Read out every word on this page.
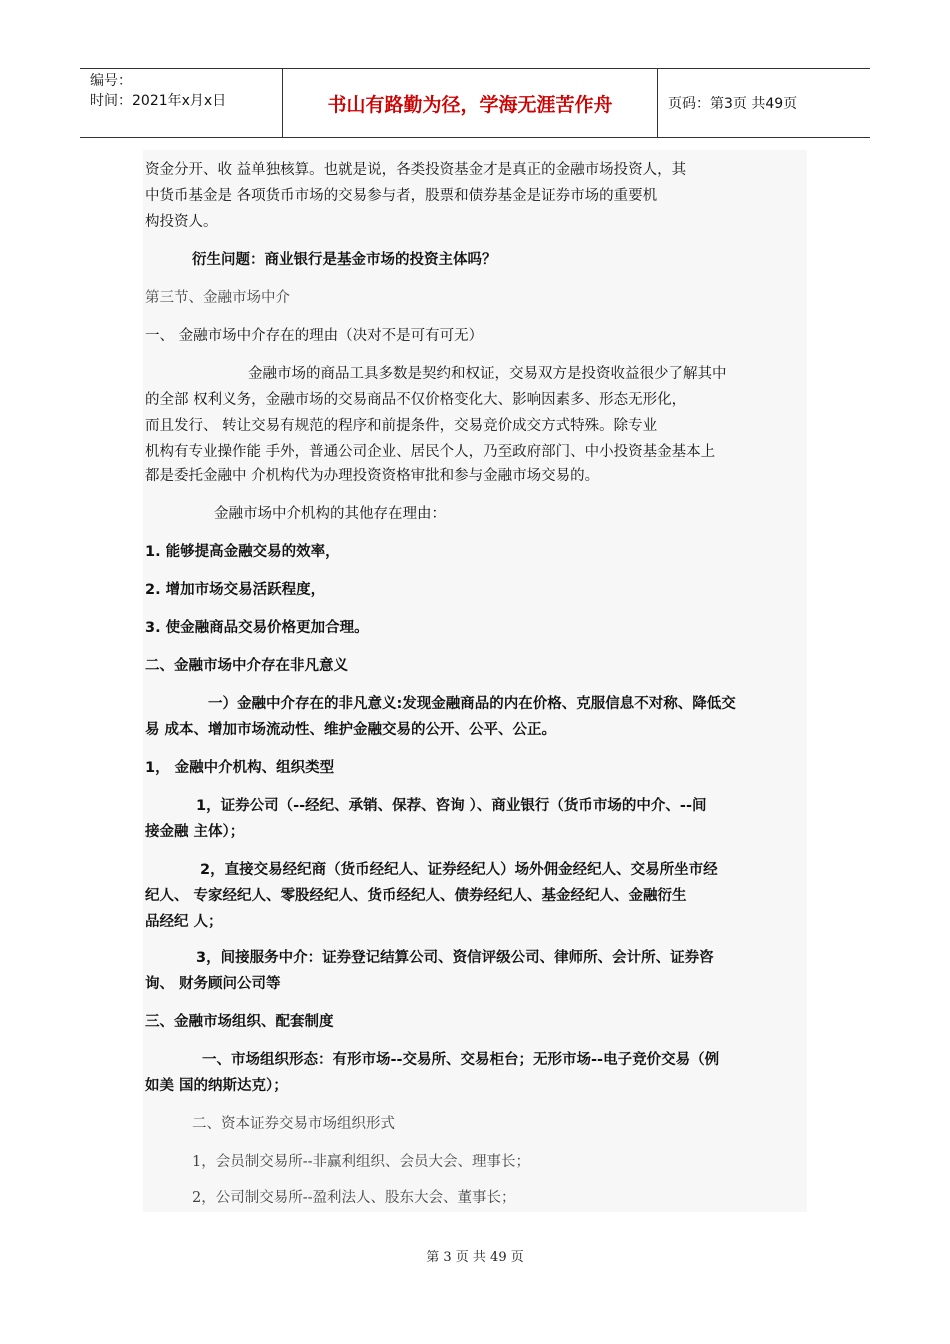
编号：
时间：2021年x月x日	书山有路勤为径，学海无涯苦作舟	页码：第3页 共49页
资金分开、收 益单独核算。也就是说，各类投资基金才是真正的金融市场投资人，其
中货币基金是 各项货币市场的交易参与者，股票和债券基金是证券市场的重要机
构投资人。
衍生问题：商业银行是基金市场的投资主体吗？
第三节、金融市场中介
一、 金融市场中介存在的理由（决对不是可有可无）
金融市场的商品工具多数是契约和权证，交易双方是投资收益很少了解其中
的全部 权利义务，金融市场的交易商品不仅价格变化大、影响因素多、形态无形化，
而且发行、 转让交易有规范的程序和前提条件，交易竞价成交方式特殊。除专业
机构有专业操作能 手外，普通公司企业、居民个人，乃至政府部门、中小投资基金基本上
都是委托金融中 介机构代为办理投资资格审批和参与金融市场交易的。
金融市场中介机构的其他存在理由：
1. 能够提高金融交易的效率，
2. 增加市场交易活跃程度，
3. 使金融商品交易价格更加合理。
二、金融市场中介存在非凡意义
一）金融中介存在的非凡意义:发现金融商品的内在价格、克服信息不对称、降低交
易 成本、增加市场流动性、维护金融交易的公开、公平、公正。
1， 金融中介机构、组织类型
1，证券公司（--经纪、承销、保荐、咨询 ）、商业银行（货币市场的中介、--间
接金融 主体）；
2，直接交易经纪商（货币经纪人、证券经纪人）场外佣金经纪人、交易所坐市经
纪人、 专家经纪人、零股经纪人、货币经纪人、债券经纪人、基金经纪人、金融衍生
品经纪 人；
3，间接服务中介：证券登记结算公司、资信评级公司、律师所、会计所、证券咨
询、 财务顾问公司等
三、金融市场组织、配套制度
一、市场组织形态：有形市场--交易所、交易柜台；无形市场--电子竞价交易（例
如美 国的纳斯达克）；
二、资本证券交易市场组织形式
1，会员制交易所--非赢利组织、会员大会、理事长；
2，公司制交易所--盈利法人、股东大会、董事长；
第 3 页 共 49 页
